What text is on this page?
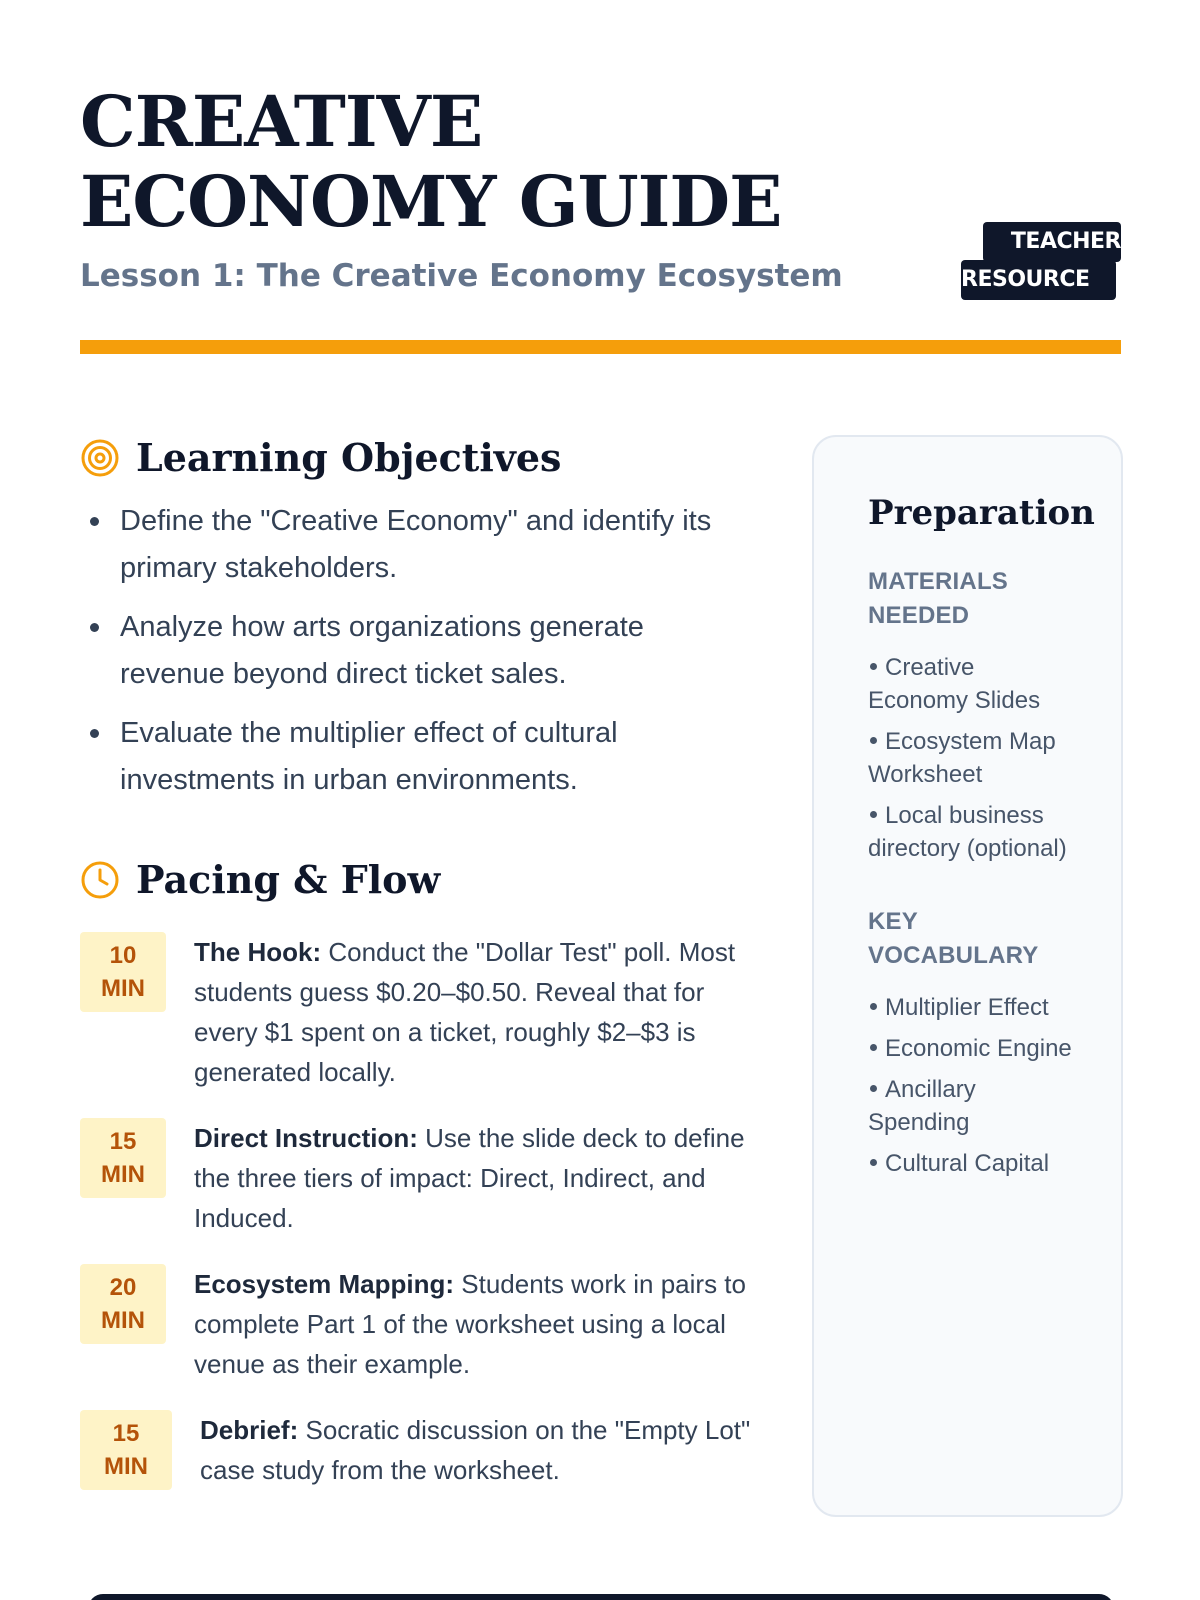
CREATIVE
ECONOMY GUIDE
Lesson 1: The Creative Economy Ecosystem
TEACHER
RESOURCE
Learning Objectives
Define the "Creative Economy" and identify its primary stakeholders.
Analyze how arts organizations generate revenue beyond direct ticket sales.
Evaluate the multiplier effect of cultural investments in urban environments.
Pacing & Flow
10
MIN
The Hook: Conduct the "Dollar Test" poll. Most students guess $0.20–$0.50. Reveal that for every $1 spent on a ticket, roughly $2–$3 is generated locally.
15
MIN
Direct Instruction: Use the slide deck to define the three tiers of impact: Direct, Indirect, and Induced.
20
MIN
Ecosystem Mapping: Students work in pairs to complete Part 1 of the worksheet using a local venue as their example.
15
MIN
Debrief: Socratic discussion on the "Empty Lot" case study from the worksheet.
Preparation
MATERIALS NEEDED
Creative Economy Slides
Ecosystem Map Worksheet
Local business directory (optional)
KEY VOCABULARY
Multiplier Effect
Economic Engine
Ancillary Spending
Cultural Capital
